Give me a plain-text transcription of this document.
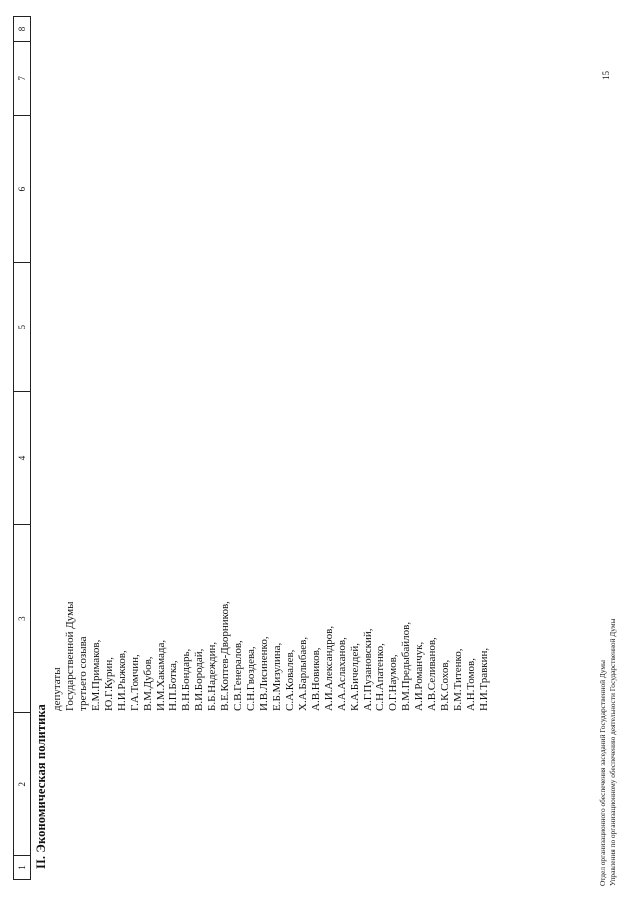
1
2
3
4
5
6
7
8
II. Экономическая политика
депутаты Государственной Думы третьего созыва Е.М.Примаков, Ю.Г.Курин, Н.И.Рыжков, Г.А.Томчин, В.М.Дубов, И.М.Хакамада, Н.П.Ботка, В.Н.Бондарь, В.И.Бородай, Б.Б.Надеждин, В.Е.Коптев-Дворников, С.В.Генералов, С.Н.Гвоздева, И.В.Лисиненко, Е.Б.Мизулина, С.А.Ковалев, Х.А.Барлыбаев, А.В.Новиков, А.И.Александров, А.А.Аслаханов, К.А.Бичелдей, А.Г.Пузановский, С.Н.Апатенко, О.Г.Наумов, В.М.Предыбайлов, А.И.Романчук, А.В.Селиванов, В.К.Сохов, Б.М.Титенко, А.Н.Томов, Н.И.Травкин,	Отдел организационного обеспечения заседаний Государственной Думы Управления по организационному обеспечению деятельности Государственной Думы
15
